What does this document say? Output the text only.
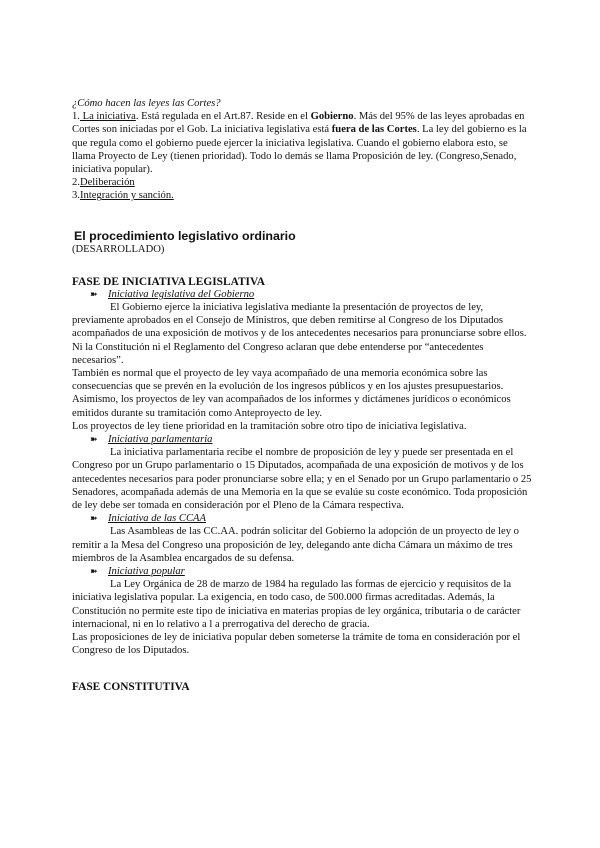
¿Cómo hacen las leyes las Cortes?

1. La iniciativa. Está regulada en el Art.87. Reside en el Gobierno. Más del 95% de las leyes aprobadas en Cortes son iniciadas por el Gob. La iniciativa legislativa está fuera de las Cortes. La ley del gobierno es la que regula como el gobierno puede ejercer la iniciativa legislativa. Cuando el gobierno elabora esto, se llama Proyecto de Ley (tienen prioridad). Todo lo demás se llama Proposición de ley. (Congreso,Senado, iniciativa popular).

2.Deliberación

3.Integración y sanción.

El procedimiento legislativo ordinario

(DESARROLLADO)

FASE DE INICIATIVA LEGISLATIVA

➽ Iniciativa legislativa del Gobierno

El Gobierno ejerce la iniciativa legislativa mediante la presentación de proyectos de ley, previamente aprobados en el Consejo de Ministros, que deben remitirse al Congreso de los Diputados acompañados de una exposición de motivos y de los antecedentes necesarios para pronunciarse sobre ellos. Ni la Constitución ni el Reglamento del Congreso aclaran que debe entenderse por “antecedentes necesarios”.

También es normal que el proyecto de ley vaya acompañado de una memoria económica sobre las consecuencias que se prevén en la evolución de los ingresos públicos y en los ajustes presupuestarios. Asimismo, los proyectos de ley van acompañados de los informes y dictámenes jurídicos o económicos emitidos durante su tramitación como Anteproyecto de ley.

Los proyectos de ley tiene prioridad en la tramitación sobre otro tipo de iniciativa legislativa.

➽ Iniciativa parlamentaria

La iniciativa parlamentaria recibe el nombre de proposición de ley y puede ser presentada en el Congreso por un Grupo parlamentario o 15 Diputados, acompañada de una exposición de motivos y de los antecedentes necesarios para poder pronunciarse sobre ella; y en el Senado por un Grupo parlamentario o 25 Senadores, acompañada además de una Memoria en la que se evalúe su coste económico. Toda proposición de ley debe ser tomada en consideración por el Pleno de la Cámara respectiva.

➽ Iniciativa de las CCAA

Las Asambleas de las CC.AA. podrán solicitar del Gobierno la adopción de un proyecto de ley o remitir a la Mesa del Congreso una proposición de ley, delegando ante dicha Cámara un máximo de tres miembros de la Asamblea encargados de su defensa.

➽ Iniciativa popular

La Ley Orgánica de 28 de marzo de 1984 ha regulado las formas de ejercicio y requisitos de la iniciativa legislativa popular. La exigencia, en todo caso, de 500.000 firmas acreditadas. Además, la Constitución no permite este tipo de iniciativa en materias propias de ley orgánica, tributaria o de carácter internacional, ni en lo relativo a l a prerrogativa del derecho de gracia.

Las proposiciones de ley de iniciativa popular deben someterse la trámite de toma en consideración por el Congreso de los Diputados.

FASE CONSTITUTIVA
